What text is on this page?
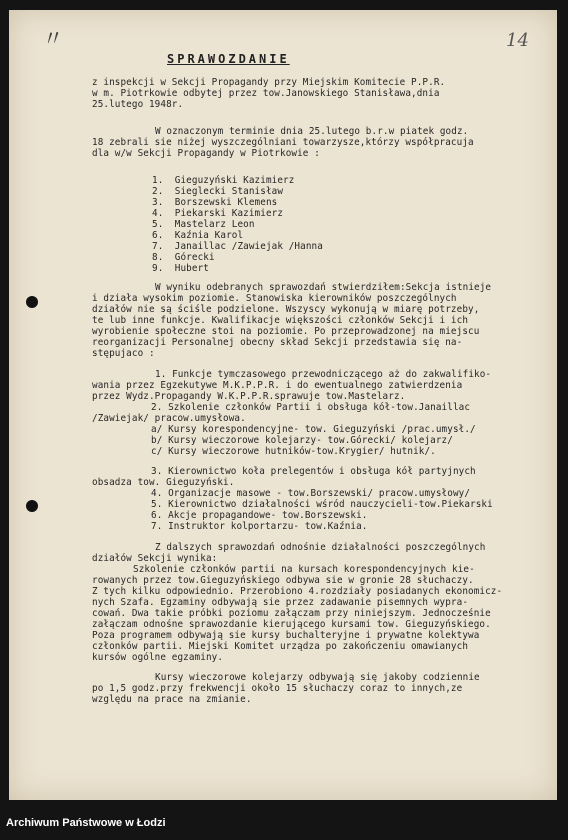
〃	14
SPRAWOZDANIE
z inspekcji w Sekcji Propagandy przy Miejskim Komitecie P.P.R.
w m. Piotrkowie odbytej przez tow.Janowskiego Stanisława,dnia
25.lutego 1948r.
W oznaczonym terminie dnia 25.lutego b.r.w piatek godz.
18 zebrali sie niżej wyszczególniani towarzysze,którzy współpracuja
dla w/w Sekcji Propagandy w Piotrkowie :
1.  Gieguzyński Kazimierz
2.  Sieglecki Stanisław
3.  Borszewski Klemens
4.  Piekarski Kazimierz
5.  Mastelarz Leon
6.  Kaźnia Karol
7.  Janaillac /Zawiejak /Hanna
8.  Górecki
9.  Hubert
W wyniku odebranych sprawozdań stwierdziłem:Sekcja istnieje
i działa wysokim poziomie. Stanowiska kierowników poszczególnych
działów nie są ściśle podzielone. Wszyscy wykonują w miarę potrzeby,
te lub inne funkcje. Kwalifikacje większości członków Sekcji i ich
wyrobienie społeczne stoi na poziomie. Po przeprowadzonej na miejscu
reorganizacji Personalnej obecny skład Sekcji przedstawia się na-
stępujaco :
1. Funkcje tymczasowego przewodniczącego aż do zakwalifiko-
wania przez Egzekutywe M.K.P.P.R. i do ewentualnego zatwierdzenia
przez Wydz.Propagandy W.K.P.P.R.sprawuje tow.Mastelarz.
2. Szkolenie członków Partii i obsługa kół-tow.Janaillac
/Zawiejak/ pracow.umysłowa.
a/ Kursy korespondencyjne- tow. Gieguzyński /prac.umysł./
b/ Kursy wieczorowe kolejarzy- tow.Górecki/ kolejarz/
c/ Kursy wieczorowe hutników-tow.Krygier/ hutnik/.
3. Kierownictwo koła prelegentów i obsługa kół partyjnych
obsadza tow. Gieguzyński.
4. Organizacje masowe - tow.Borszewski/ pracow.umysłowy/
5. Kierownictwo działalności wśród nauczycieli-tow.Piekarski
6. Akcje propagandowe- tow.Borszewski.
7. Instruktor kolportarzu- tow.Kaźnia.
Z dalszych sprawozdań odnośnie działalności poszczególnych
działów Sekcji wynika:
Szkolenie członków partii na kursach korespondencyjnych kie-
rowanych przez tow.Gieguzyńskiego odbywa sie w gronie 28 słuchaczy.
Z tych kilku odpowiednio. Przerobiono 4.rozdziały posiadanych ekonomicz-
nych Szafa. Egzaminy odbywają sie przez zadawanie pisemnych wypra-
cowań. Dwa takie próbki poziomu załączam przy niniejszym. Jednocześnie
załączam odnośne sprawozdanie kierującego kursami tow. Gieguzyńskiego.
Poza programem odbywają sie kursy buchalteryjne i prywatne kolektywa
członków partii. Miejski Komitet urządza po zakończeniu omawianych
kursów ogólne egzaminy.
Kursy wieczorowe kolejarzy odbywają się jakoby codziennie
po 1,5 godz.przy frekwencji około 15 słuchaczy coraz to innych,ze
względu na prace na zmianie.
Archiwum Państwowe w Łodzi
